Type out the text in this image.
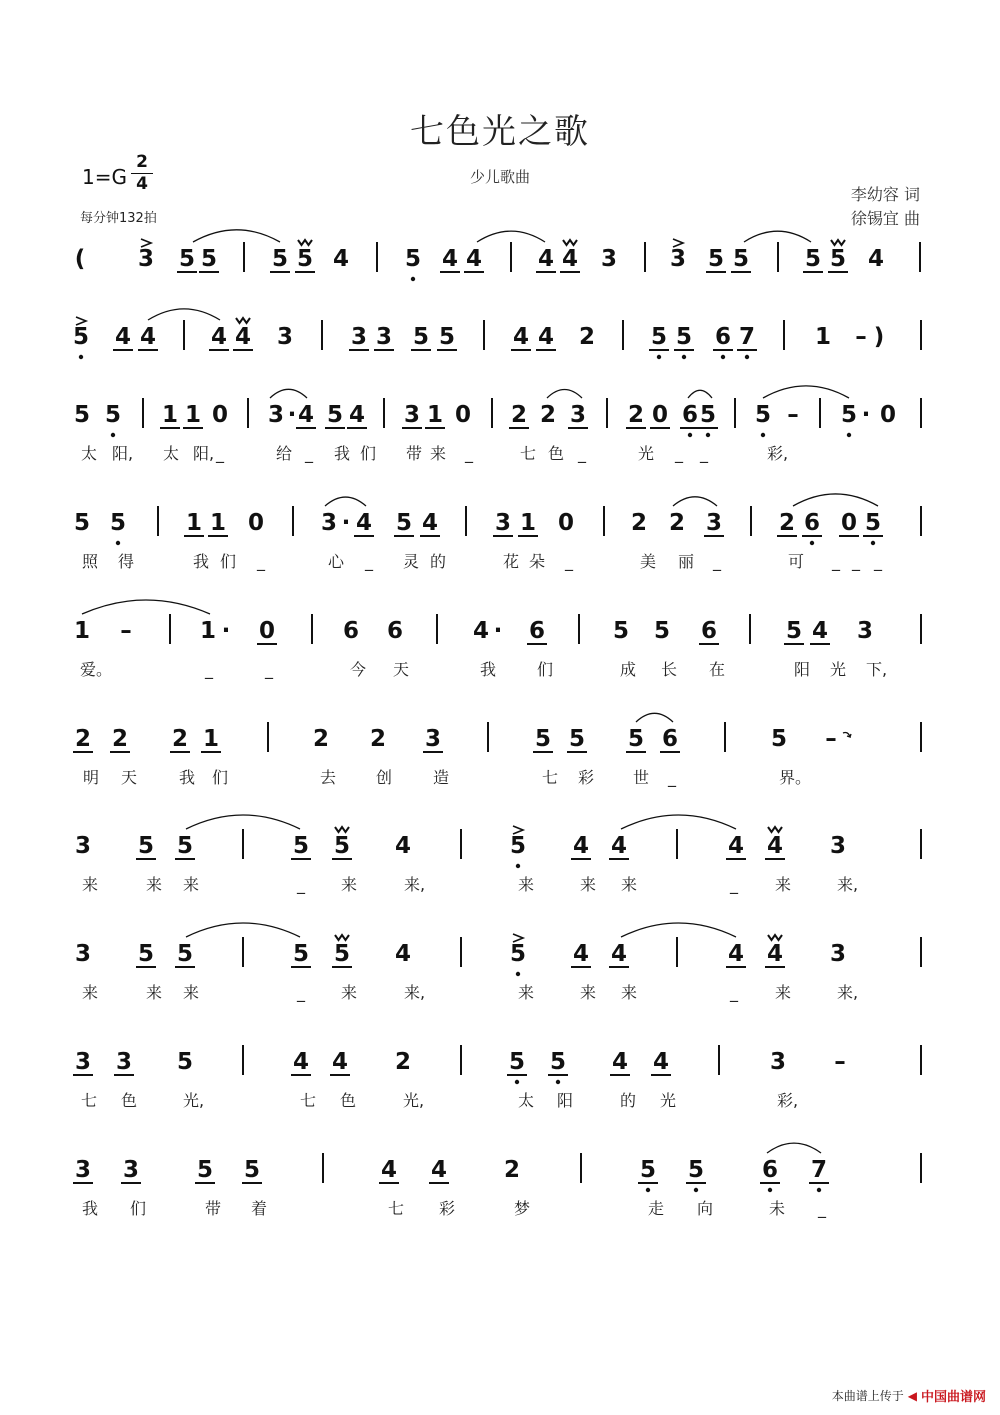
七色光之歌
少儿歌曲
1=G
2
4
每分钟132拍
李幼容 词
徐锡宜 曲
( 3 5 5 5 5 4 5 4 4 4 4 3 3 5 5 5 5 4
5 4 4 4 4 3	3 3 5 5	4 4 2 5 5 6 7	1 – )
5 5 1 1 0 3 · 4 5 4 3 1 0 2 2 3 2 0 6 5 5 – 5 · 0
太 阳, 太 阳, _	给 _ 我 们 带 来 _	七 色 _	光 _ _	彩,
5 5	1 1 0 3 · 4 5 4 3 1 0 2 2 3 2 6 0 5
照 得	我 们 _	心 _ 灵 的	花 朵 _	美 丽 _	可 _ _ _
1 –	1 · 0	6 6	4 · 6	5 5 6	5 4 3
爱。	_	_	今 天	我	们	成 长 在	阳 光 下,
2 2 2 1	2 2 3	5 5 5 6	5 –
明 天	我 们	去 创	造	七 彩 世 _	界。
3 5 5	5 5 4	5 4 4	4 4 3
来	来 来	_ 来	来,	来	来 来	_ 来	来,
3 5 5	5 5 4	5 4 4	4 4 3
来	来 来	_ 来	来,	来	来 来	_ 来	来,
3 3 5	4 4 2	5 5 4 4	3 –
七 色	光,	七 色	光,	太 阳	的 光	彩,
3 3	5 5	4 4 2	5 5	6 7
我 们	带 着	七 彩	梦	走 向	未 _
本曲谱上传于 ◀ 中国曲谱网
